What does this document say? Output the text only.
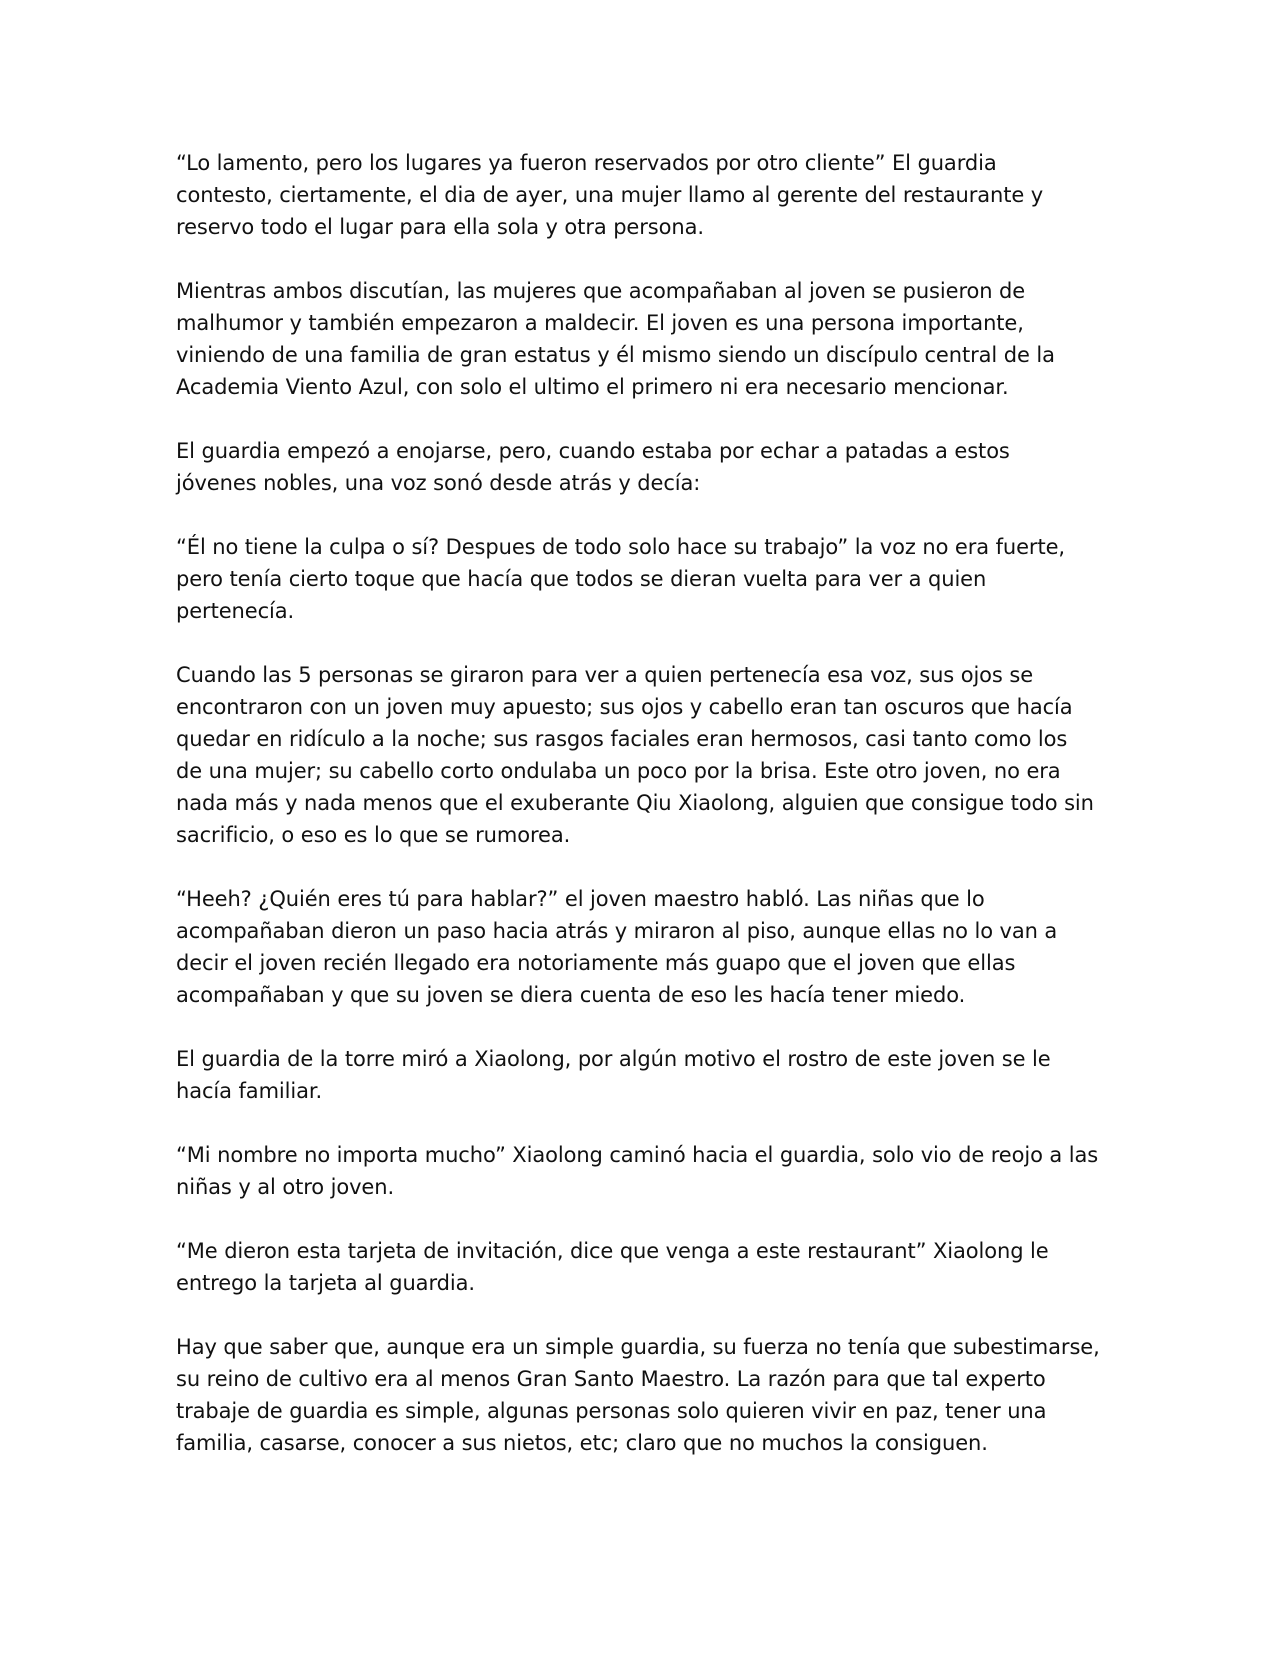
“Lo lamento, pero los lugares ya fueron reservados por otro cliente” El guardia
contesto, ciertamente, el dia de ayer, una mujer llamo al gerente del restaurante y
reservo todo el lugar para ella sola y otra persona.

Mientras ambos discutían, las mujeres que acompañaban al joven se pusieron de
malhumor y también empezaron a maldecir. El joven es una persona importante,
viniendo de una familia de gran estatus y él mismo siendo un discípulo central de la
Academia Viento Azul, con solo el ultimo el primero ni era necesario mencionar.

El guardia empezó a enojarse, pero, cuando estaba por echar a patadas a estos
jóvenes nobles, una voz sonó desde atrás y decía:

“Él no tiene la culpa o sí? Despues de todo solo hace su trabajo” la voz no era fuerte,
pero tenía cierto toque que hacía que todos se dieran vuelta para ver a quien
pertenecía.

Cuando las 5 personas se giraron para ver a quien pertenecía esa voz, sus ojos se
encontraron con un joven muy apuesto; sus ojos y cabello eran tan oscuros que hacía
quedar en ridículo a la noche; sus rasgos faciales eran hermosos, casi tanto como los
de una mujer; su cabello corto ondulaba un poco por la brisa. Este otro joven, no era
nada más y nada menos que el exuberante Qiu Xiaolong, alguien que consigue todo sin
sacrificio, o eso es lo que se rumorea.

“Heeh? ¿Quién eres tú para hablar?” el joven maestro habló. Las niñas que lo
acompañaban dieron un paso hacia atrás y miraron al piso, aunque ellas no lo van a
decir el joven recién llegado era notoriamente más guapo que el joven que ellas
acompañaban y que su joven se diera cuenta de eso les hacía tener miedo.

El guardia de la torre miró a Xiaolong, por algún motivo el rostro de este joven se le
hacía familiar.

“Mi nombre no importa mucho” Xiaolong caminó hacia el guardia, solo vio de reojo a las
niñas y al otro joven.

“Me dieron esta tarjeta de invitación, dice que venga a este restaurant” Xiaolong le
entrego la tarjeta al guardia.

Hay que saber que, aunque era un simple guardia, su fuerza no tenía que subestimarse,
su reino de cultivo era al menos Gran Santo Maestro. La razón para que tal experto
trabaje de guardia es simple, algunas personas solo quieren vivir en paz, tener una
familia, casarse, conocer a sus nietos, etc; claro que no muchos la consiguen.
